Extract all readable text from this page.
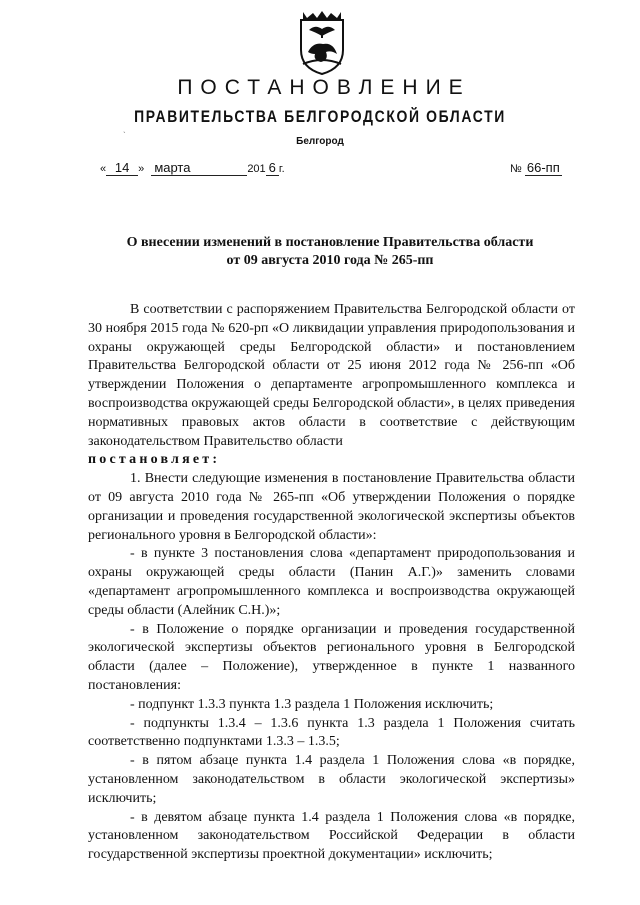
ПОСТАНОВЛЕНИЕ
ПРАВИТЕЛЬСТВА БЕЛГОРОДСКОЙ ОБЛАСТИ
ˎ
Белгород
« 14 » марта	201 6 г.	№ 66-пп
О внесении изменений в постановление Правительства области
от 09 августа 2010 года № 265-пп

В соответствии с распоряжением Правительства Белгородской области от 30 ноября 2015 года № 620-рп «О ликвидации управления природопользования и охраны окружающей среды Белгородской области» и постановлением Правительства Белгородской области от 25 июня 2012 года № 256-пп «Об утверждении Положения о департаменте агропромышленного комплекса и воспроизводства окружающей среды Белгородской области», в целях приведения нормативных правовых актов области в соответствие с действующим законодательством Правительство области

постановляет:

1. Внести следующие изменения в постановление Правительства области от 09 августа 2010 года № 265-пп «Об утверждении Положения о порядке организации и проведения государственной экологической экспертизы объектов регионального уровня в Белгородской области»:

- в пункте 3 постановления слова «департамент природопользования и охраны окружающей среды области (Панин А.Г.)» заменить словами «департамент агропромышленного комплекса и воспроизводства окружающей среды области (Алейник С.Н.)»;

- в Положение о порядке организации и проведения государственной экологической экспертизы объектов регионального уровня в Белгородской области (далее – Положение), утвержденное в пункте 1 названного постановления:

- подпункт 1.3.3 пункта 1.3 раздела 1 Положения исключить;

- подпункты 1.3.4 – 1.3.6 пункта 1.3 раздела 1 Положения считать соответственно подпунктами 1.3.3 – 1.3.5;

- в пятом абзаце пункта 1.4 раздела 1 Положения слова «в порядке, установленном законодательством в области экологической экспертизы» исключить;

- в девятом абзаце пункта 1.4 раздела 1 Положения слова «в порядке, установленном законодательством Российской Федерации в области государственной экспертизы проектной документации» исключить;
